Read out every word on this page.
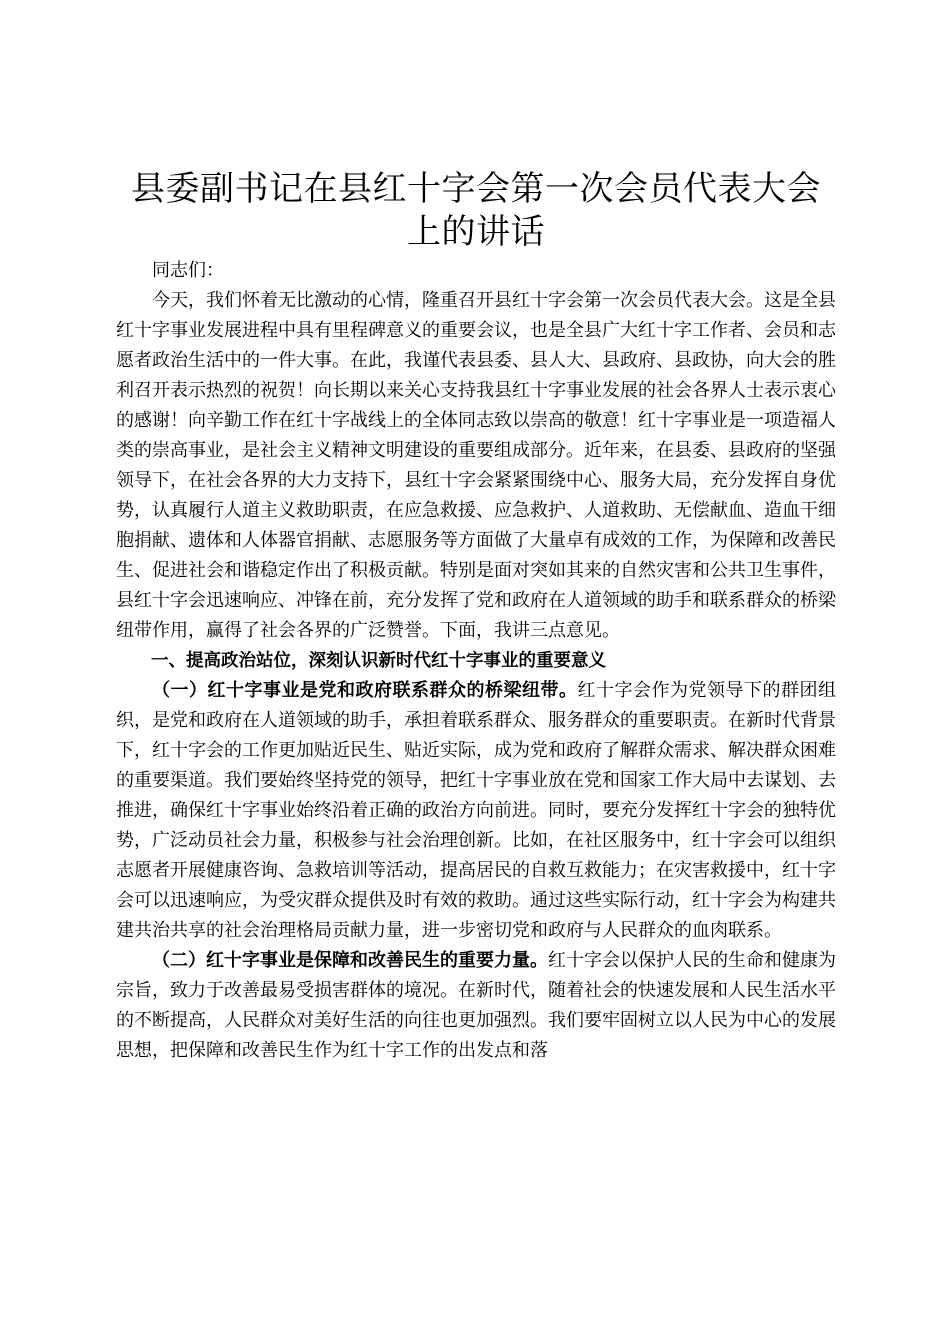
县委副书记在县红十字会第一次会员代表大会
上的讲话

同志们：

今天，我们怀着无比激动的心情，隆重召开县红十字会第一次会员代表大会。这是全县红十字事业发展进程中具有里程碑意义的重要会议，也是全县广大红十字工作者、会员和志愿者政治生活中的一件大事。在此，我谨代表县委、县人大、县政府、县政协，向大会的胜利召开表示热烈的祝贺！向长期以来关心支持我县红十字事业发展的社会各界人士表示衷心的感谢！向辛勤工作在红十字战线上的全体同志致以崇高的敬意！红十字事业是一项造福人类的崇高事业，是社会主义精神文明建设的重要组成部分。近年来，在县委、县政府的坚强领导下，在社会各界的大力支持下，县红十字会紧紧围绕中心、服务大局，充分发挥自身优势，认真履行人道主义救助职责，在应急救援、应急救护、人道救助、无偿献血、造血干细胞捐献、遗体和人体器官捐献、志愿服务等方面做了大量卓有成效的工作，为保障和改善民生、促进社会和谐稳定作出了积极贡献。特别是面对突如其来的自然灾害和公共卫生事件，县红十字会迅速响应、冲锋在前，充分发挥了党和政府在人道领域的助手和联系群众的桥梁纽带作用，赢得了社会各界的广泛赞誉。下面，我讲三点意见。

一、提高政治站位，深刻认识新时代红十字事业的重要意义

（一）红十字事业是党和政府联系群众的桥梁纽带。红十字会作为党领导下的群团组织，是党和政府在人道领域的助手，承担着联系群众、服务群众的重要职责。在新时代背景下，红十字会的工作更加贴近民生、贴近实际，成为党和政府了解群众需求、解决群众困难的重要渠道。我们要始终坚持党的领导，把红十字事业放在党和国家工作大局中去谋划、去推进，确保红十字事业始终沿着正确的政治方向前进。同时，要充分发挥红十字会的独特优势，广泛动员社会力量，积极参与社会治理创新。比如，在社区服务中，红十字会可以组织志愿者开展健康咨询、急救培训等活动，提高居民的自救互救能力；在灾害救援中，红十字会可以迅速响应，为受灾群众提供及时有效的救助。通过这些实际行动，红十字会为构建共建共治共享的社会治理格局贡献力量，进一步密切党和政府与人民群众的血肉联系。

（二）红十字事业是保障和改善民生的重要力量。红十字会以保护人民的生命和健康为宗旨，致力于改善最易受损害群体的境况。在新时代，随着社会的快速发展和人民生活水平的不断提高，人民群众对美好生活的向往也更加强烈。我们要牢固树立以人民为中心的发展思想，把保障和改善民生作为红十字工作的出发点和落
